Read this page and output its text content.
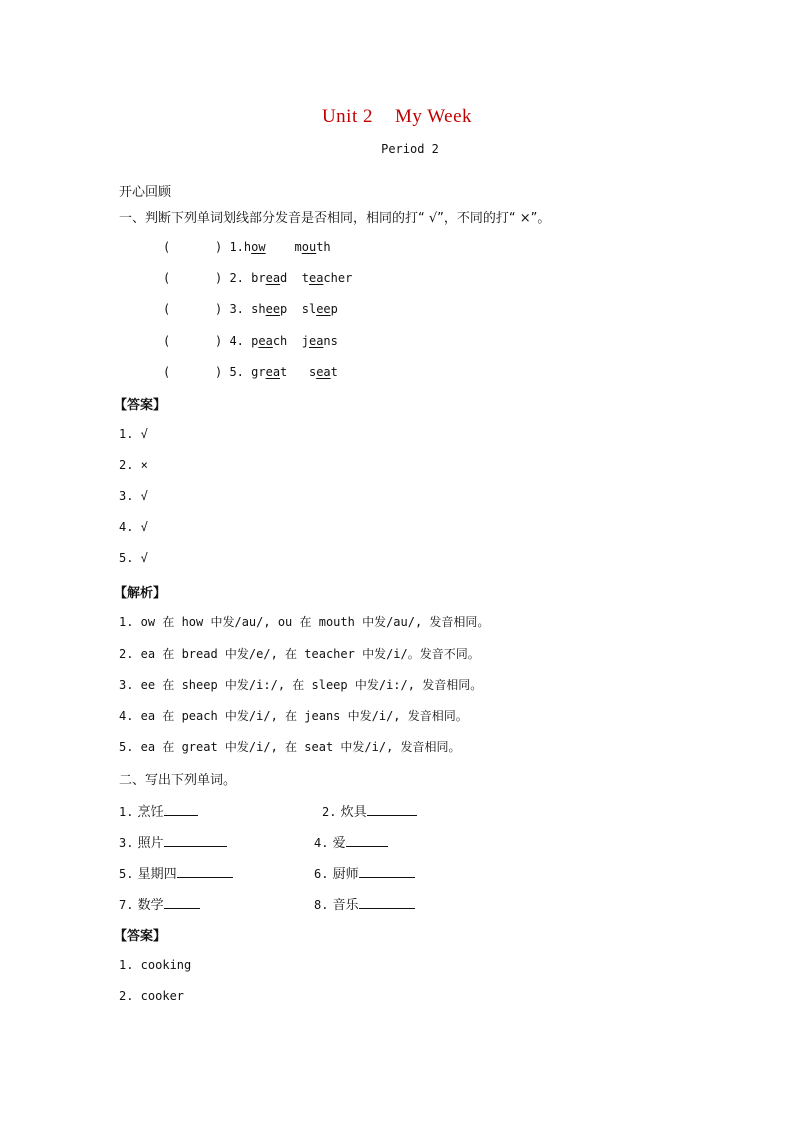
Unit 2 My Week
Period 2
开心回顾
一、判断下列单词划线部分发音是否相同，相同的打“ √”，不同的打“ ×”。
(	) 1.how mouth
(	) 2. bread teacher
(	) 3. sheep sleep
(	) 4. peach jeans
(	) 5. great seat
【答案】
1. √
2. ×
3. √
4. √
5. √
【解析】
1. ow 在 how 中发/au/, ou 在 mouth 中发/au/, 发音相同。
2. ea 在 bread 中发/e/, 在 teacher 中发/i/。发音不同。
3. ee 在 sheep 中发/i:/, 在 sleep 中发/i:/, 发音相同。
4. ea 在 peach 中发/i/, 在 jeans 中发/i/, 发音相同。
5. ea 在 great 中发/i/, 在 seat 中发/i/, 发音相同。
二、写出下列单词。
1. 烹饪	2. 炊具
3. 照片	4. 爱
5. 星期四	6. 厨师
7. 数学	8. 音乐
【答案】
1. cooking
2. cooker
